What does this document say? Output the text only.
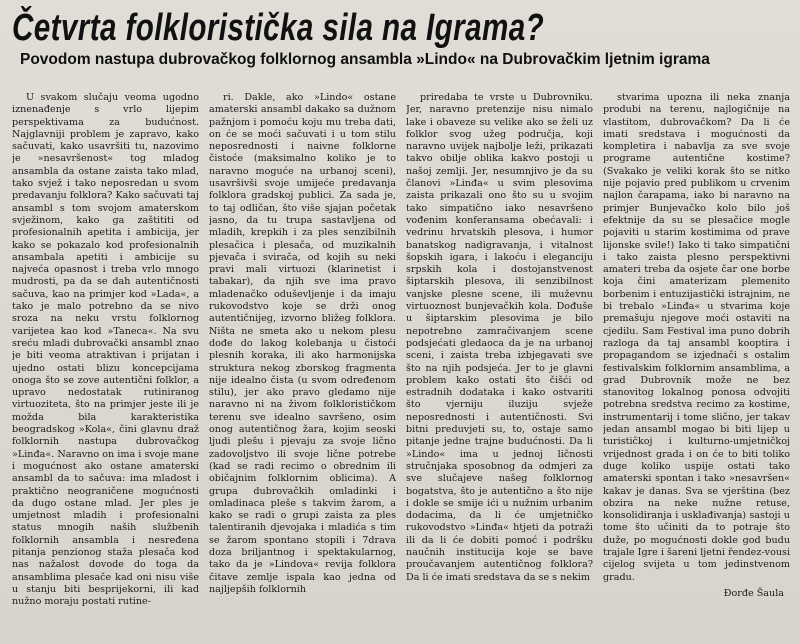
Četvrta folkloristička sila na Igrama?
Povodom nastupa dubrovačkog folklornog ansambla »Lindo« na Dubrovačkim ljetnim igrama

U svakom slučaju veoma ugodno iznenađenje s vrlo lijepim perspektivama za budućnost. Najglavniji problem je zapravo, kako sačuvati, kako usavršiti tu, nazovimo je »nesavršenost« tog mladog ansambla da ostane zaista tako mlad, tako svjež i tako neposredan u svom predavanju folklora? Kako sačuvati taj ansambl s tom svojom amaterskom svježinom, kako ga zaštititi od profesionalnih apetita i ambicija, jer kako se pokazalo kod profesionalnih ansambala apetiti i ambicije su najveća opasnost i treba vrlo mnogo mudrosti, pa da se dah autentičnosti sačuva, kao na primjer kod »Lada«, a tako je malo potrebno da se nivo srozа na neku vrstu folklornog varijetea kao kod »Taneca«. Na svu sreću mladi dubrovački ansambl znao je biti veoma atraktivan i prijatan i ujedno ostati blizu koncepcijama onoga što se zove autentični folklor, a upravo nedostatak rutiniranog virtuoziteta, što na primjer jeste ili je možda bila karakteristika beogradskog »Kola«, čini glavnu draž folklornih nastupa dubrovačkog »Linđa«. Naravno on ima i svoje mane i mogućnost ako ostane amaterski ansambl da to sačuva: ima mladost i praktično neograničene mogućnosti da dugo ostane mlad. Jer ples je umjetnost mladih i profesionalni status mnogih naših službenih folklornih ansambla i nesređena pitanja penzionog staža plesača kod nas nažalost dovode do toga da ansamblima plesače kad oni nisu više u stanju biti besprijekorni, ili kad nužno moraju postati rutine-

ri. Dakle, ako »Lindo« ostane amaterski ansambl dakako sa dužnom pažnjom i pomoću koju mu treba dati, on će se moći sačuvati i u tom stilu neposrednosti i naivne folklorne čistoće (maksimalno koliko je to naravno moguće na urbanoj sceni), usavršivši svoje umijeće predavanja folklora gradskoj publici. Za sada je, to taj odličan, što više sjajan početak jasno, da tu trupa sastavljena od mladih, krepkih i za ples senzibilnih plesačica i plesača, od muzikalnih pjevača i svirača, od kojih su neki pravi mali virtuozi (klarinetist i tabakar), da njih sve ima pravo mladenačko oduševljenje i da imaju rukovodstvo koje se drži onog autentičnijeg, izvorno bližeg folklora. Ništa ne smeta ako u nekom plesu dođe do lakog kolebanja u čistoći plesnih koraka, ili ako harmonijska struktura nekog zborskog fragmenta nije idealno čista (u svom određenom stilu), jer ako pravo gledamo nije naravno ni na živom folklorističkom terenu sve idealno savršeno, osim onog autentičnog žara, kojim seoski ljudi plešu i pjevaju za svoje lično zadovoljstvo ili svoje lične potrebe (kad se radi recimo o obrednim ili običajnim folklornim oblicima). A grupa dubrovačkih omladinki i omladinaca pleše s takvim žarom, a kako se radi o grupi zaista za ples talentiranih djevojaka i mladića s tim se žarom spontano stopili i 7drava doza briljantnog i spektakularnog, tako da je »Lindova« revija folklora čitave zemlje ispala kao jedna od najljepših folklornih

priredaba te vrste u Dubrovniku. Jer, naravno pretenzije nisu nimalo lake i obaveze su velike ako se želi uz folklor svog užeg područja, koji naravno uvijek najbolje leži, prikazati takvo obilje oblika kakvo postoji u našoj zemlji. Jer, nesumnjivo je da su članovi »Linđa« u svim plesovima zaista prikazali ono što su u svojim tako simpatično iako nesavršeno vođenim konferansama obećavali: i vedrinu hrvatskih plesova, i humor banatskog nadigravanja, i vitalnost šopskih igara, i lakoću i eleganciju srpskih kola i dostojanstvenost šiptarskih plesova, ili senzibilnost vanjske plesne scene, ili muževnu virtuoznost bunjevačkih kola. Dođuše u šiptarskim plesovima je bilo nepotrebno zamračivanjem scene podsjećati gledaoca da je na urbanoj sceni, i zaista treba izbjegavati sve što na njih podsjeća. Jer to je glavni problem kako ostati što čišći od estradnih dodataka i kako ostvariti što vjerniju iluziju svježe neposrednosti i autentičnosti. Svi bitni preduvjeti su, to, ostaje samo pitanje jedne trajne budućnosti. Da li »Lindo« ima u jednoj ličnosti stručnjaka sposobnog da odmjeri za sve slučajeve našeg folklornog bogatstva, što je autentično a što nije i dokle se smije ići u nužnim urbanim dodacima, da li će umjetničko rukovodstvo »Linđa« htjeti da potraži ili da li će dobiti pomoć i podršku naučnih institucija koje se bave proučavanjem autentičnog folklora? Da li će imati sredstava da se s nekim

stvarima upozna ili neka znanja produbi na terenu, najlogičnije na vlastitom, dubrovačkom? Da li će imati sredstava i mogućnosti da kompletira i nabavlja za sve svoje programe autentične kostime? (Svakako je veliki korak što se nitko nije pojavio pred publikom u crvenim najlon čarapama, iako bi naravno na primjer Bunjevačko kolo bilo još efektnije da su se plesačice mogle pojaviti u starim kostimima od prave lijonske svile!) Iako ti tako simpatični i tako zaista plesno perspektivni amateri treba da osjete čar one borbe koja čini amaterizam plemenito borbenim i entuzijastički istrajnim, ne bi trebalo »Linđa« u stvarima koje premašuju njegove moći ostaviti na cjedilu. Sam Festival ima puno dobrih razloga da taj ansambl kooptira i propagandom se izjednači s ostalim festivalskim folklornim ansamblima, a grad Dubrovnik može ne bez stanovitog lokalnog ponosa odvojiti potrebna sredstva recimo za kostime, instrumentarij i tome slično, jer takav jedan ansambl mogao bi biti lijep u turističkoj i kulturno-umjetničkoj vrijednost grada i on će to biti toliko duge koliko uspije ostati tako amaterski spontan i tako »nesavršen« kakav je danas. Sva se vjerština (bez obzira na neke nužne retuse, konsolidiranja i usklađivanja) sastoji u tome što učiniti da to potraje što duže, po mogućnosti dokle god budu trajale Igre i šareni ljetni řendez-vousi cijelog svijeta u tom jedinstvenom gradu.

Đorđe Šaula
